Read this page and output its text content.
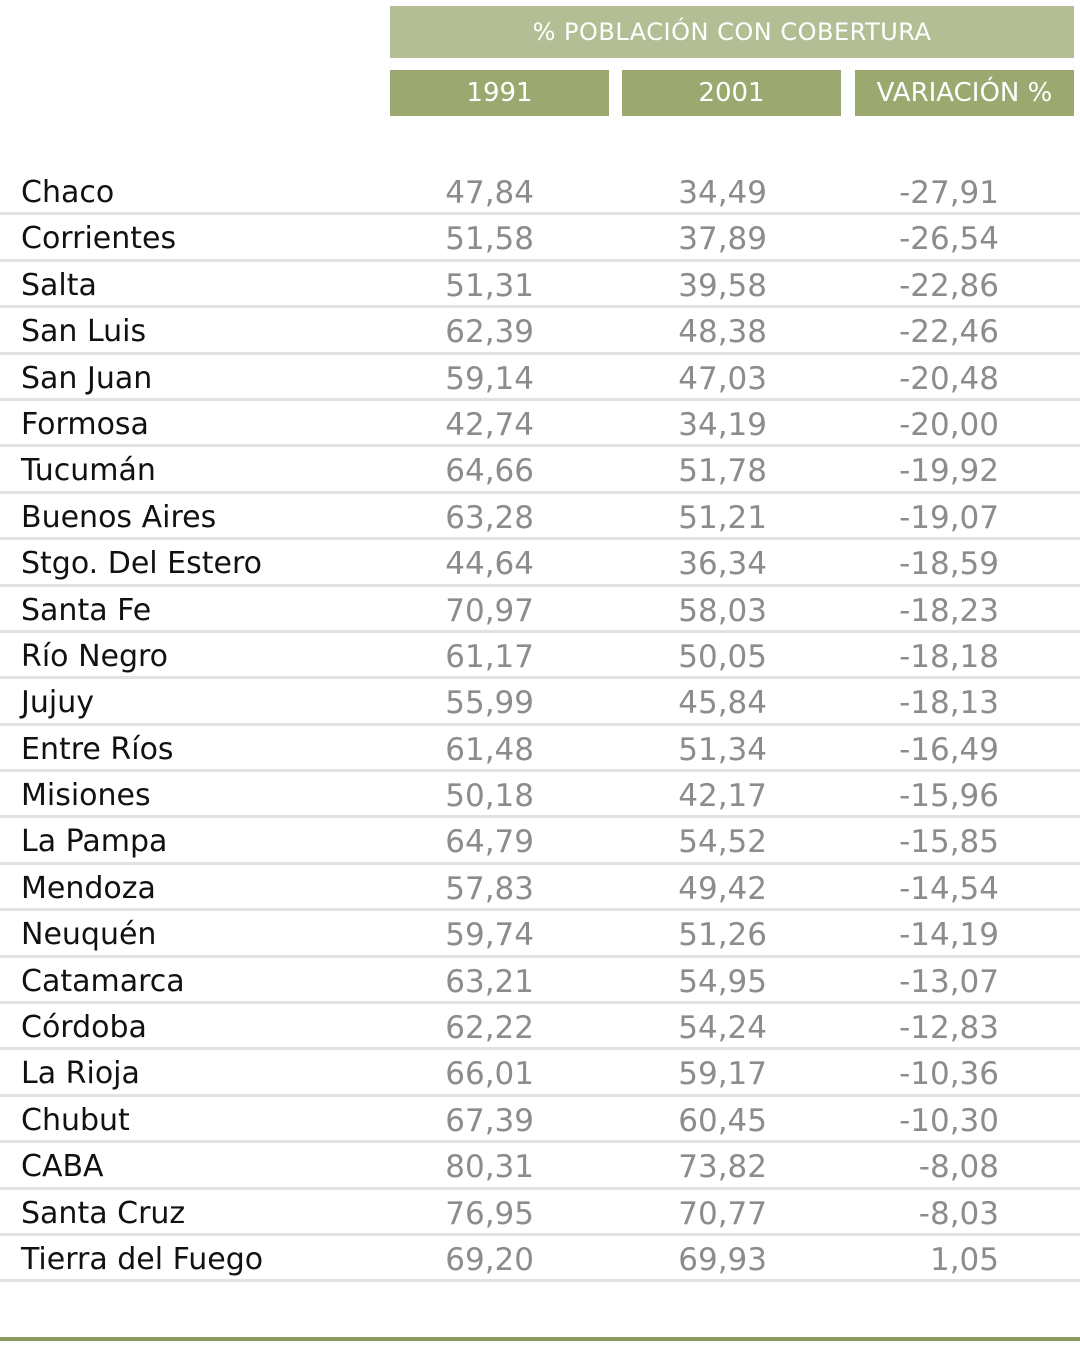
% POBLACIÓN CON COBERTURA
1991	2001	VARIACIÓN %
Chaco	47,84	34,49	-27,91
Corrientes	51,58	37,89	-26,54
Salta	51,31	39,58	-22,86
San Luis	62,39	48,38	-22,46
San Juan	59,14	47,03	-20,48
Formosa	42,74	34,19	-20,00
Tucumán	64,66	51,78	-19,92
Buenos Aires	63,28	51,21	-19,07
Stgo. Del Estero	44,64	36,34	-18,59
Santa Fe	70,97	58,03	-18,23
Río Negro	61,17	50,05	-18,18
Jujuy	55,99	45,84	-18,13
Entre Ríos	61,48	51,34	-16,49
Misiones	50,18	42,17	-15,96
La Pampa	64,79	54,52	-15,85
Mendoza	57,83	49,42	-14,54
Neuquén	59,74	51,26	-14,19
Catamarca	63,21	54,95	-13,07
Córdoba	62,22	54,24	-12,83
La Rioja	66,01	59,17	-10,36
Chubut	67,39	60,45	-10,30
CABA	80,31	73,82	-8,08
Santa Cruz	76,95	70,77	-8,03
Tierra del Fuego	69,20	69,93	1,05
